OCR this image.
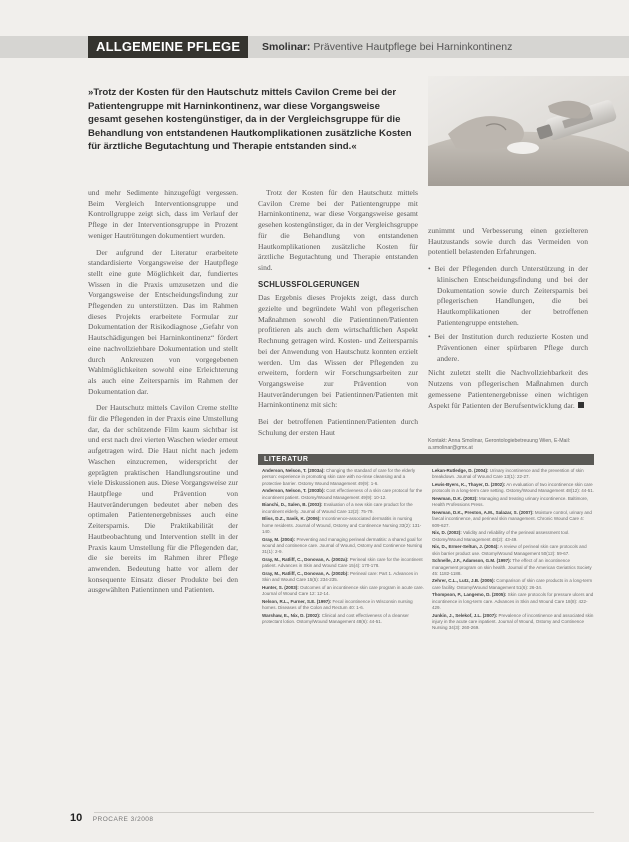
ALLGEMEINE PFLEGE	Smolinar: Präventive Hautpflege bei Harninkontinenz
»Trotz der Kosten für den Hautschutz mittels Cavilon Creme bei der Patientengruppe mit Harninkontinenz, war diese Vorgangsweise gesamt gesehen kostengünstiger, da in der Vergleichsgruppe für die Behandlung von entstandenen Hautkomplikationen zusätzliche Kosten für ärztliche Begutachtung und Therapie entstanden sind.«

und mehr Sedimente hinzugefügt vergessen. Beim Vergleich Interventionsgruppe und Kontrollgruppe zeigt sich, dass im Verlauf der Pflege in der Interventionsgruppe in Prozent weniger Hautrötungen dokumentiert wurden.

Der aufgrund der Literatur erarbeitete standardisierte Vorgangsweise der Hautpflege stellt eine gute Möglichkeit dar, fundiertes Wissen in die Praxis umzusetzen und die Vorgangsweise der Entscheidungsfindung zur Pflegenden zu unterstützen. Das im Rahmen dieses Projekts erarbeitete Formular zur Dokumentation der Risikodiagnose „Gefahr von Hautschädigungen bei Harninkontinenz“ fördert eine nachvollziehbare Dokumentation und stellt durch Ankreuzen von vorgegebenen Wahlmöglichkeiten sowohl eine Erleichterung als auch eine Zeitersparnis im Rahmen der Dokumentation dar.

Der Hautschutz mittels Cavilon Creme stellte für die Pflegenden in der Praxis eine Umstellung dar, da der schützende Film kaum sichtbar ist und erst nach drei vierten Waschen wieder erneut aufgetragen wird. Die Haut nicht nach jedem Waschen einzucremen, widerspricht der geprägten praktischen Handlungsroutine und viele Diskussionen aus. Diese Vorgangsweise zur Hautpflege und Prävention von Hautveränderungen bedeutet aber neben des optimalen Patientenergebnisses auch eine Zeitersparnis. Die Praktikabilität der Hautbeobachtung und Intervention stellt in der Praxis kaum Umstellung für die Pflegenden dar, die sie bereits im Rahmen ihrer Pflege anwenden. Bedeutung hatte vor allem der konsequente Einsatz dieser Produkte bei den ausgewählten Patientinnen und Patienten.

Trotz der Kosten für den Hautschutz mittels Cavilon Creme bei der Patientengruppe mit Harninkontinenz, war diese Vorgangsweise gesamt gesehen kostengünstiger, da in der Vergleichsgruppe für die Behandlung von entstandenen Hautkomplikationen zusätzliche Kosten für ärztliche Begutachtung und Therapie entstanden sind.

SCHLUSSFOLGERUNGEN

Das Ergebnis dieses Projekts zeigt, dass durch gezielte und begründete Wahl von pflegerischen Maßnahmen sowohl die Patientinnen/Patienten profitieren als auch dem wirtschaftlichen Aspekt Rechnung getragen wird. Kosten- und Zeitersparnis bei der Anwendung von Hautschutz konnten erzielt werden. Um das Wissen der Pflegenden zu erweitern, fordern wir Forschungsarbeiten zur Vorgangsweise zur Prävention von Hautveränderungen bei Patientinnen/Patienten mit Harninkontinenz mit sich:

Bei der betroffenen Patientinnen/Patienten durch Schulung der ersten Haut

zunimmt und Verbesserung einen gezielteren Hautzustands sowie durch das Vermeiden von potentiell belastenden Erfahrungen.

• Bei der Pflegenden durch Unterstützung in der klinischen Entscheidungsfindung und bei der Dokumentation sowie durch Zeitersparnis bei pflegerischen Handlungen, die bei Hautkomplikationen der betroffenen Patientengruppe entstehen.

• Bei der Institution durch reduzierte Kosten und Präventionen einer spürbaren Pflege durch andere.

Nicht zuletzt stellt die Nachvollziehbarkeit des Nutzens von pflegerischen Maßnahmen durch gemessene Patientenergebnisse einen wichtigen Aspekt für Patienten der Berufsentwicklung dar.

Kontakt: Anna Smolinar, Gerontologiebetreuung Wien, E-Mail: a.smolinar@gmx.at
LITERATUR
Anderson, Nelson, T. (2003a): Changing the standard of care for the elderly person: experience in promoting skin care with no-rinse cleansing and a protective barrier. Ostomy Wound Management 49(9): 1-6.
Anderson, Nelson, T. (2003b): Cost effectiveness of a skin care protocol for the incontinent patient. Ostomy/Wound Management 49(9): 10-12.
Bianchi, D., Salen, B. (2003): Evaluation of a new skin care product for the incontinent elderly. Journal of Wound Care 12(2): 75-79.
Bliss, D.Z., Savik, K. (2006): Incontinence-associated dermatitis in nursing home residents. Journal of Wound, Ostomy and Continence Nursing 33(2): 131-140.
Gray, M. (2004): Preventing and managing perineal dermatitis: a shared goal for wound and continence care. Journal of Wound, Ostomy and Continence Nursing 31(1): 2-9.
Gray, M., Ratliff, C., Donovan, A. (2002a): Perineal skin care for the incontinent patient. Advances in Skin and Wound Care 15(4): 170-178.
Gray, M., Ratliff, C., Donovan, A. (2002b): Perineal care: Part 1. Advances in Skin and Wound Care 15(5): 234-235.
Hunter, S. (2003): Outcomes of an incontinence skin care program in acute care. Journal of Wound Care 12: 12-14.
Nelson, R.L., Furner, S.E. (1997): Fecal incontinence in Wisconsin nursing homes. Diseases of the Colon and Rectum 40: 1-6.
Warshaw, E., Nix, D. (2002): Clinical and cost effectiveness of a cleanser protectant lotion. Ostomy/Wound Management 48(6): 44-51.
Lekan-Rutledge, D. (2004): Urinary incontinence and the prevention of skin breakdown. Journal of Wound Care 13(1): 22-27.
Lewis-Byers, K., Thayer, D. (2002): An evaluation of two incontinence skin care protocols in a long-term care setting. Ostomy/Wound Management 48(12): 44-51.
Newman, D.K. (2002): Managing and treating urinary incontinence. Baltimore, Health Professions Press.
Newman, D.K., Preston, A.M., Salazar, S. (2007): Moisture control, urinary and faecal incontinence, and perineal skin management. Chronic Wound Care 4: 609-627.
Nix, D. (2002): Validity and reliability of the perineal assessment tool. Ostomy/Wound Management 48(2): 43-49.
Nix, D., Ermer-Seltun, J. (2004): A review of perineal skin care protocols and skin barrier product use. Ostomy/Wound Management 50(12): 59-67.
Schnelle, J.F., Adamson, G.M. (1997): The effect of an incontinence management program on skin health. Journal of the American Geriatrics Society 45: 1182-1188.
Zehrer, C.L., Lutz, J.B. (2005): Comparison of skin care products in a long-term care facility. Ostomy/Wound Management 51(6): 26-34.
Thompson, P., Langemo, D. (2005): Skin care protocols for pressure ulcers and incontinence in long-term care. Advances in Skin and Wound Care 18(8): 422-429.
Junkin, J., Selekof, J.L. (2007): Prevalence of incontinence and associated skin injury in the acute care inpatient. Journal of Wound, Ostomy and Continence Nursing 34(3): 260-269.
10 PROCARE 3/2008
